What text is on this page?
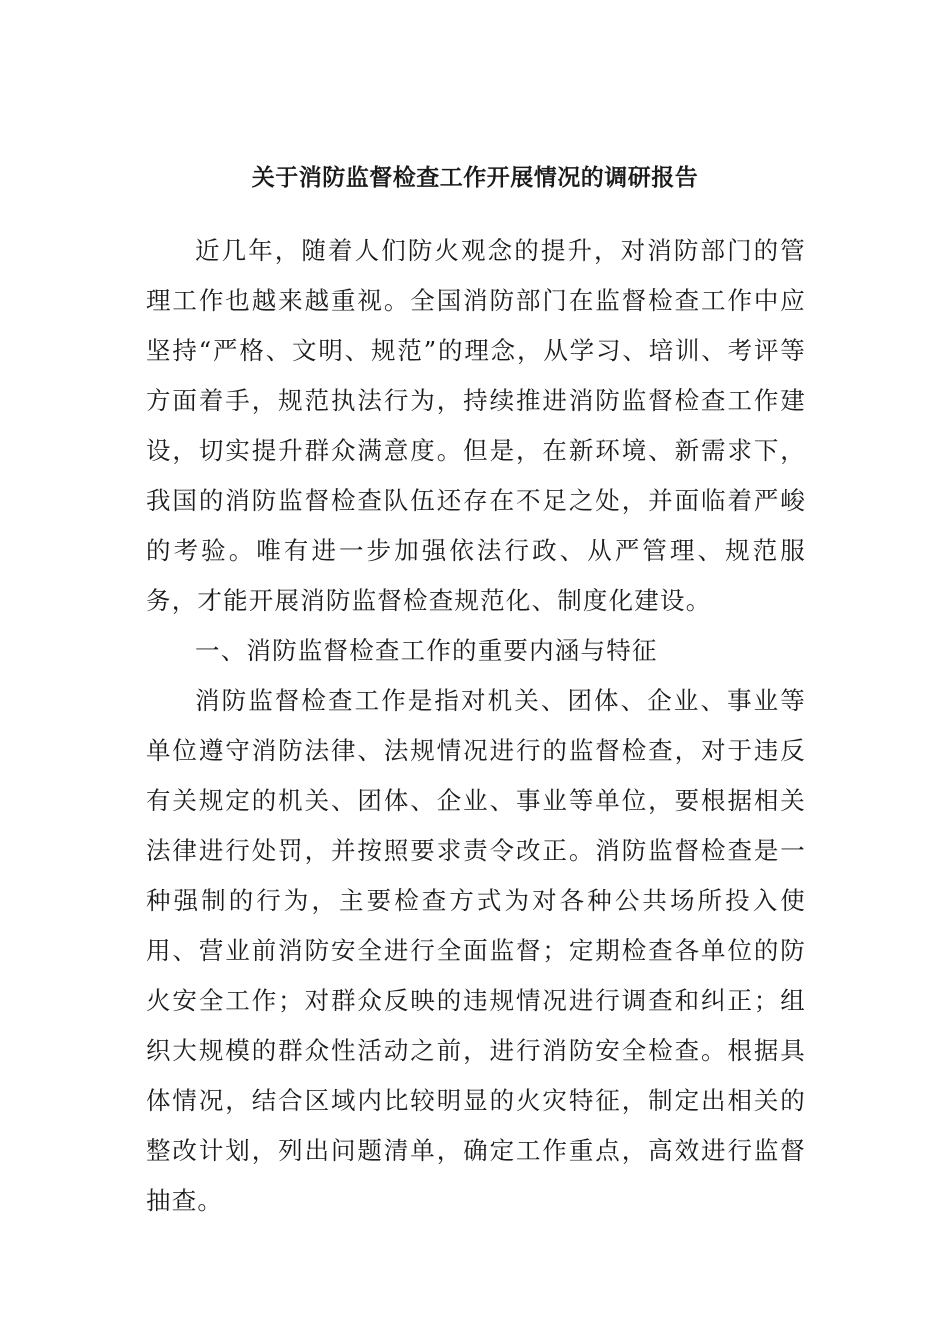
关于消防监督检查工作开展情况的调研报告

近几年，随着人们防火观念的提升，对消防部门的管理工作也越来越重视。全国消防部门在监督检查工作中应坚持“严格、文明、规范”的理念，从学习、培训、考评等方面着手，规范执法行为，持续推进消防监督检查工作建设，切实提升群众满意度。但是，在新环境、新需求下，我国的消防监督检查队伍还存在不足之处，并面临着严峻的考验。唯有进一步加强依法行政、从严管理、规范服务，才能开展消防监督检查规范化、制度化建设。

一、消防监督检查工作的重要内涵与特征

消防监督检查工作是指对机关、团体、企业、事业等单位遵守消防法律、法规情况进行的监督检查，对于违反有关规定的机关、团体、企业、事业等单位，要根据相关法律进行处罚，并按照要求责令改正。消防监督检查是一种强制的行为，主要检查方式为对各种公共场所投入使用、营业前消防安全进行全面监督；定期检查各单位的防火安全工作；对群众反映的违规情况进行调查和纠正；组织大规模的群众性活动之前，进行消防安全检查。根据具体情况，结合区域内比较明显的火灾特征，制定出相关的整改计划，列出问题清单，确定工作重点，高效进行监督抽查。
